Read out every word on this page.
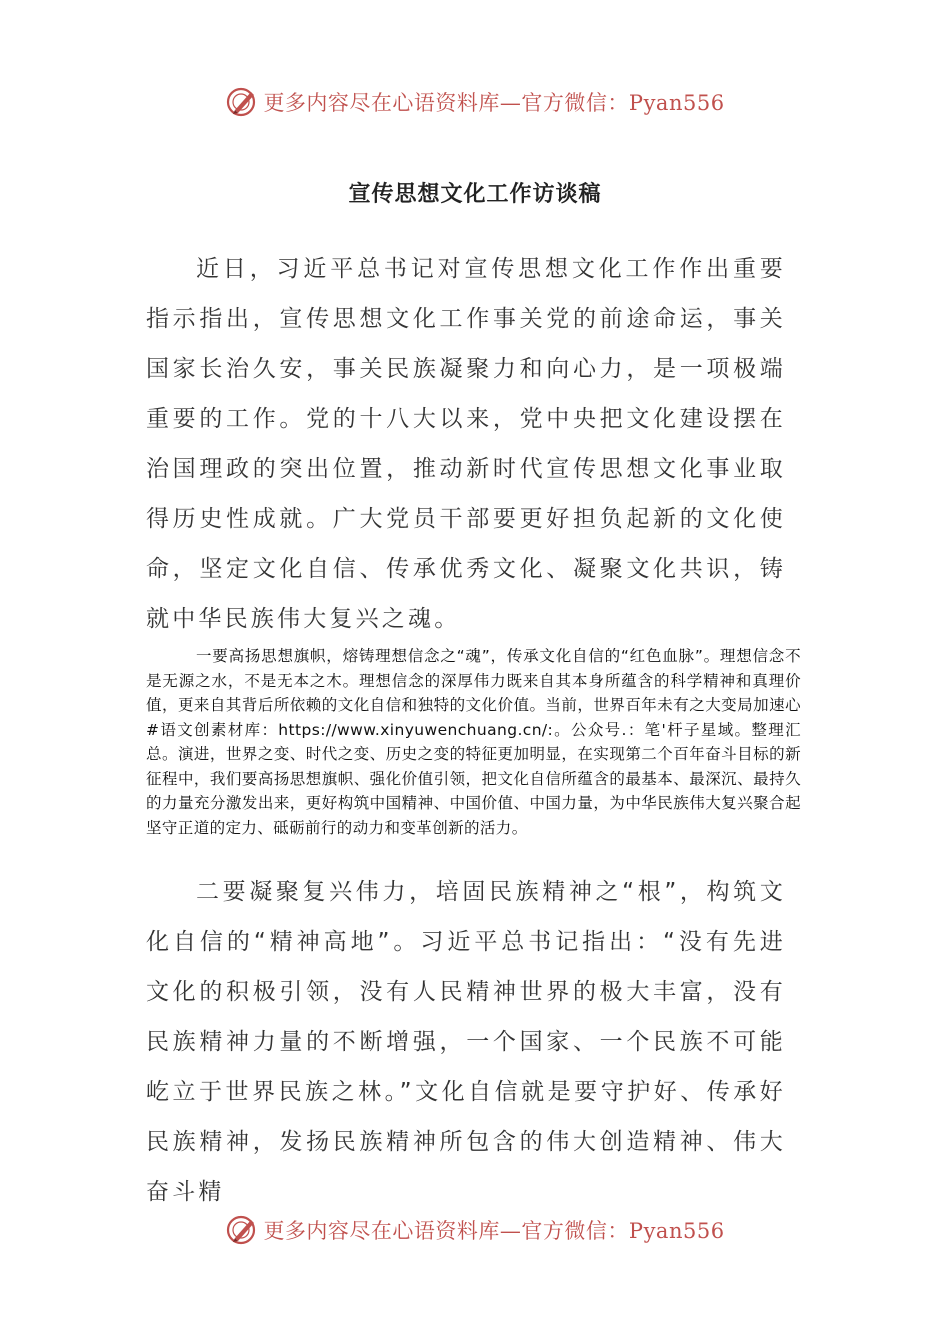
更多内容尽在心语资料库—官方微信：Pyan556
宣传思想文化工作访谈稿

近日，习近平总书记对宣传思想文化工作作出重要指示指出，宣传思想文化工作事关党的前途命运，事关国家长治久安，事关民族凝聚力和向心力，是一项极端重要的工作。党的十八大以来，党中央把文化建设摆在治国理政的突出位置，推动新时代宣传思想文化事业取得历史性成就。广大党员干部要更好担负起新的文化使命，坚定文化自信、传承优秀文化、凝聚文化共识，铸就中华民族伟大复兴之魂。

一要高扬思想旗帜，熔铸理想信念之“魂”，传承文化自信的“红色血脉”。理想信念不是无源之水，不是无本之木。理想信念的深厚伟力既来自其本身所蕴含的科学精神和真理价值，更来自其背后所依赖的文化自信和独特的文化价值。当前，世界百年未有之大变局加速心#语文创素材库：https://www.xinyuwenchuang.cn/:。公众号.：笔'杆子星域。整理汇总。演进，世界之变、时代之变、历史之变的特征更加明显，在实现第二个百年奋斗目标的新征程中，我们要高扬思想旗帜、强化价值引领，把文化自信所蕴含的最基本、最深沉、最持久的力量充分激发出来，更好构筑中国精神、中国价值、中国力量，为中华民族伟大复兴聚合起坚守正道的定力、砥砺前行的动力和变革创新的活力。

二要凝聚复兴伟力，培固民族精神之“根”，构筑文化自信的“精神高地”。习近平总书记指出：“没有先进文化的积极引领，没有人民精神世界的极大丰富，没有民族精神力量的不断增强，一个国家、一个民族不可能屹立于世界民族之林。”文化自信就是要守护好、传承好民族精神，发扬民族精神所包含的伟大创造精神、伟大奋斗精

更多内容尽在心语资料库—官方微信：Pyan556
